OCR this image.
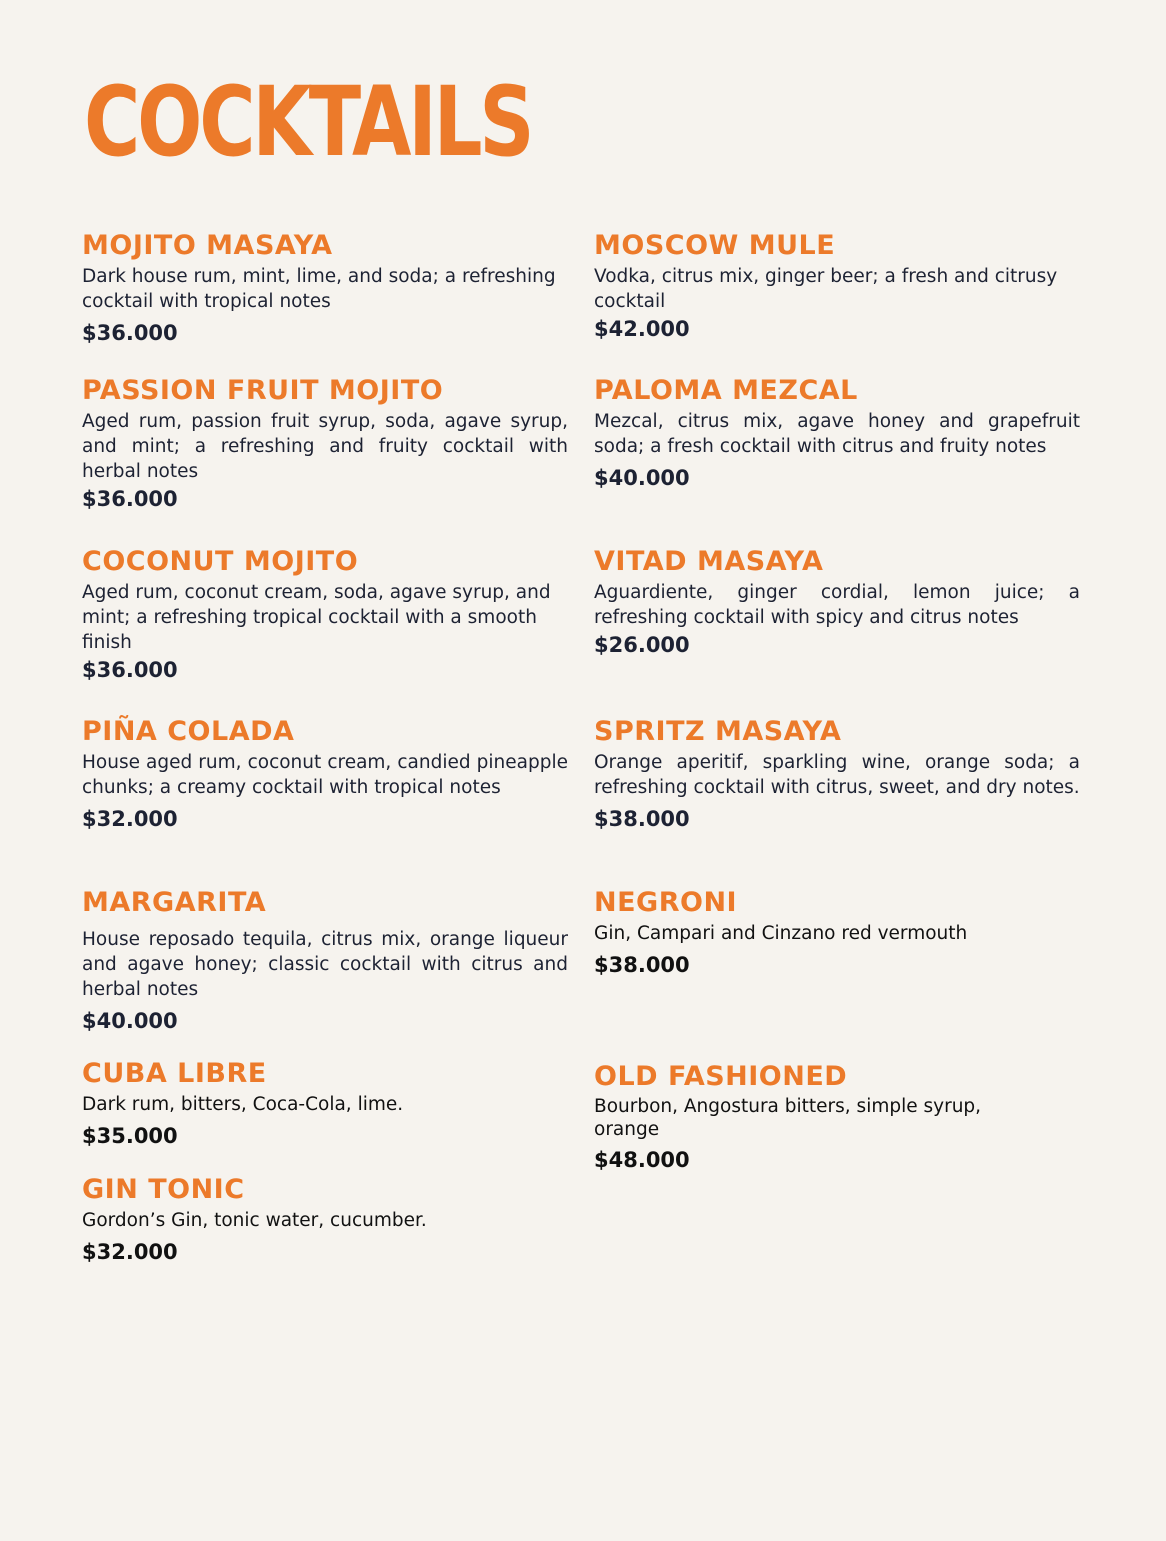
COCKTAILS
MOJITO MASAYA
Dark house rum, mint, lime, and soda; a refreshing cocktail with tropical notes
$36.000
PASSION FRUIT MOJITO
Aged rum, passion fruit syrup, soda, agave syrup, and mint; a refreshing and fruity cocktail with herbal notes
$36.000
COCONUT MOJITO
Aged rum, coconut cream, soda, agave syrup, and mint; a refreshing tropical cocktail with a smooth finish
$36.000
PIÑA COLADA
House aged rum, coconut cream, candied pineapple chunks; a creamy cocktail with tropical notes
$32.000
MARGARITA
House reposado tequila, citrus mix, orange liqueur and agave honey; classic cocktail with citrus and herbal notes
$40.000
CUBA LIBRE
Dark rum, bitters, Coca-Cola, lime.
$35.000
GIN TONIC
Gordon’s Gin, tonic water, cucumber.
$32.000
MOSCOW MULE
Vodka, citrus mix, ginger beer; a fresh and citrusy cocktail
$42.000
PALOMA MEZCAL
Mezcal, citrus mix, agave honey and grapefruit soda; a fresh cocktail with citrus and fruity notes
$40.000
VITAD MASAYA
Aguardiente, ginger cordial, lemon juice; a refreshing cocktail with spicy and citrus notes
$26.000
SPRITZ MASAYA
Orange aperitif, sparkling wine, orange soda; a refreshing cocktail with citrus, sweet, and dry notes.
$38.000
NEGRONI
Gin, Campari and Cinzano red vermouth
$38.000
OLD FASHIONED
Bourbon, Angostura bitters, simple syrup, orange
$48.000
